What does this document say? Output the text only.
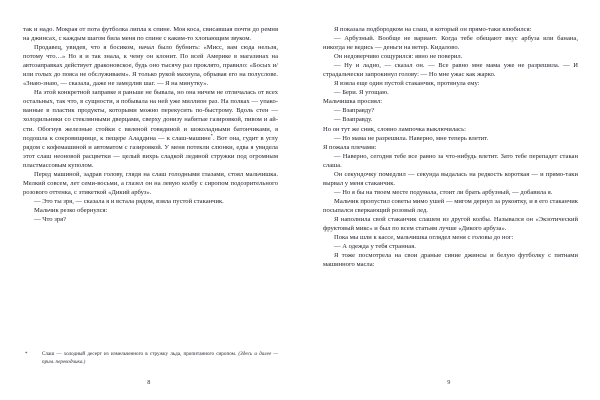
так и надо. Мокрая от пота футболка липла к спине. Моя коса, свисавшая почти до ремня на джинсах, с каждым шагом била меня по спине с каким-то хлопающим звуком.

Продавец, увидев, что я босиком, начал было бубнить: «Мисс, вам сюда нельзя, потому что…» Но я и так знала, к чему он клонит. По всей Америке в магазинах на автозаправках действует драконовское, будь оно тысячу раз проклято, правило: «Босых и/или голых до пояса не обслуживаем». Я только рукой махнула, обрывая его на полуслове. «Знаю-знаю, — сказала, даже не замедлив шаг. — Я на минутку».

На этой конкретной заправке я раньше не бывала, но она ничем не отличалась от всех остальных, так что, в сущности, я побывала на ней уже миллион раз. На полках — упакованные в пластик продукты, которыми можно перекусить по-быстрому. Вдоль стен — холодильники со стеклянными дверцами, сверху донизу набитые газировкой, пивом и айсти. Обогнув железные стойки с вяленой говядиной и шоколадными батончиками, я подошла к сокровищнице, к пещере Аладдина — к слаш-машине*. Вот она, гудит в углу рядом с кофемашиной и автоматом с газировкой. У меня потекли слюнки, едва я увидела этот слаш неоновой расцветки — целый вихрь сладкой ледяной стружки под огромным пластмассовым куполом.

Перед машиной, задрав голову, глядя на слаш голодными глазами, стоял мальчишка. Мелкий совсем, лет семи-восьми, а глазел он на левую колбу с сиропом подозрительного розового оттенка, с этикеткой «Дикий арбуз».

— Это ты зря, — сказала я и встала рядом, взяла пустой стаканчик.

Мальчик резко обернулся:

— Что зря?

*	Слаш — холодный десерт из измельченного в стружку льда, пропитанного сиропом. (Здесь и далее — прим. переводчика.)
8

Я показала подбородком на слаш, в который он прямо-таки влюбился:

— Арбузный. Вообще не вариант. Когда тебе обещают вкус арбуза или банана, никогда не ведись — деньги на ветер. Кидалово.

Он недоверчиво сощурился: явно не поверил.

— Ну и ладно, — сказал он. — Все равно мне мама уже не разрешила. — И страдальчески запрокинул голову: — Но мне ужас как жарко.

Я взяла еще один пустой стаканчик, протянула ему:

— Бери. Я угощаю.

Мальчишка просиял:

— Взаправду?

— Взаправду.

Но он тут же сник, словно лампочка выключилась:

— Но мама не разрешила. Наверно, мне теперь влетит.

Я пожала плечами:

— Наверно, сегодня тебе все равно за что-нибудь влетит. Зато тебе перепадет стакан слаша.

Он секундочку помедлил — секунда выдалась на редкость короткая — и прямо-таки вырвал у меня стаканчик.

— Но я бы на твоем месте подумала, стоит ли брать арбузный, — добавила я.

Мальчик пропустил советы мимо ушей — мигом дернул за рукоятку, и в его стаканчик посыпался сверкающий розовый лед.

Я наполнила свой стаканчик слашем из другой колбы. Назывался он «Экзотический фруктовый микс» и был по всем статьям лучше «Дикого арбуза».

Пока мы шли к кассе, мальчишка оглядел меня с головы до ног:

— А одежда у тебя странная.

Я тоже посмотрела на свои драные синие джинсы и белую футболку с пятнами машинного масла:

9
